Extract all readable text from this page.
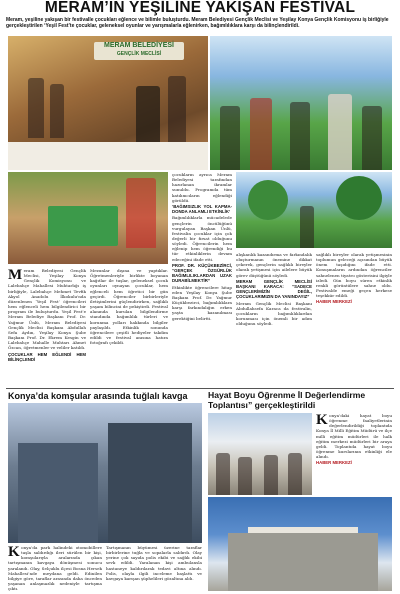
MERAM’IN YEŞİLİNE YAKIŞAN FESTİVAL
Meram, yeşiline yakışan bir festivalle çocukları eğlence ve bilimle buluşturdu. Meram Belediyesi Gençlik Meclisi ve Yeşilay Konya Gençlik Komisyonu iş birliğiyle gerçekleştirilen ‘Yeşil Fest’te çocuklar, geleneksel oyunlar ve yarışmalarla eğlenirken, bağımlılıklara karşı da bilinçlendirildi.
MERAM BELEDİYESİ
GENÇLİK MECLİSİ
M eram Belediyesi Gençlik Meclisi, Yeşilay Konya Gençlik Komisyonu ve Lalebahçe Mahallesi Muhtarlığı iş birliğiyle, Lalebahçe Mehmet Tevfik Akyol Anadolu İlkokulu'nda düzenlenen ‘Yeşil Fest’ öğrencileri hem eğlenceli hem bilgilendirici bir program ile buluşturdu. Yeşil Fest’e Meram Belediye Başkanı Prof. Dr. Yağmur Ünlü, Meram Belediyesi Gençlik Meclisi Başkanı Abdullah Sefa Aydın, Yeşilay Konya Şube Başkanı Prof. Dr. Ekrem Kesgin ve Lalebahçe Mahalle Muhtarı Ahmet Özcan, öğretmenler ve veliler katıldı.
ÇOCUKLAR HEM EĞLENDİ HEM BİLİNÇLENDİ
Mezunlar dışına ve yaptıklar. Öğretmenleriyle birlikte boyanan kağıtlar ile tuşlar, geleneksel çocuk oyunları oynayan çocuklar, hem eğlenceli hem öğretici bir gün geçirdi. Öğrenciler birbirleriyle iletişimlerini güçlendirirken, sağlıklı yaşam bilincini de pekiştirdi. Festival alanında kurulan bilgilendirme standında bağımlılık türleri ve korunma yolları hakkında bilgiler paylaşıldı. Etkinlik sonunda öğrencilere çeşitli hediyeler takdim edildi ve festival anısına hatıra fotoğrafı çekildi.
çocukların ayrıca Meram Belediyesi tarafından hazırlanan ikramlar sunuldu. Programda tüm katılımcıların eğlendiği görüldü.
‘BAĞIMSIZLIK YOL KAPMA-DONDA ANLAMLI ETKİNLİK’
Bağımlılıklarla mücadelede gençlerin öncülüğünü vurgulayan Başkan Ünlü, festivalin çocuklar için çok değerli bir fırsat olduğunu söyledi. Öğrencilerin hem eğlenip hem öğrendiği bu tür etkinliklerin devam edeceğini ifade etti.
PROF. DR. KÜÇÜKBEZİRCİ, “GERÇEK ÖZGÜRLÜK BAĞIMLILIKLARDAN UZAK DURABİLMEKTİR”
Etkinlikte öğrencilere hitap eden Yeşilay Konya Şube Başkanı Prof. Dr. Yağmur Küçükbezirci, bağımlılıklara karşı farkındalığın erken yaşta kazanılması gerektiğini belirtti.
alışkanlık kazandırma ve farkındalık oluşturmanın önemine dikkat çekerek, gençlerin sağlıklı bireyler olarak yetişmesi için ailelere büyük görev düştüğünü söyledi.
MERAM GENÇLİK MECLİSİ BAŞKANI KARACA: “SADECE GENÇLERİMİZİN DEĞİL, ÇOCUKLARIMIZIN DA YANINDAYIZ”
Meram Gençlik Meclisi Başkanı Abdullahsefa Karaca da festivalin, çocukların bağımlılıklardan korunması için önemli bir adım olduğunu söyledi.
sağlıklı bireyler olarak yetişmesinin toplumun geleceği açısından büyük önem taşıdığını ifade etti. Konuşmaların ardından öğrenciler sahnelenen tiyatro gösterisini ilgiyle izledi. Gün boyu süren etkinlik renkli görüntülere sahne oldu. Festivalde emeği geçen herkese teşekkür edildi.
HABER MERKEZİ
Konya’da komşular arasında tuğlalı kavga
K onya’da park halindeki otomobillere taşla saldırdığı ileri sürülen bir kişi, komşularıyla aralarında çıkan tartışmanın kavgaya dönüşmesi sonucu yaralandı. Olay, Selçuklu ilçesi Bosna Hersek Mahallesi’nde meydana geldi. Edinilen bilgiye göre, taraflar arasında daha önceden yaşanan anlaşmazlık nedeniyle tartışma çıktı.
Tartışmanın büyümesi üzerine taraflar birbirlerine tuğla ve sopalarla saldırdı. Olay yerine çok sayıda polis ekibi ve sağlık ekibi sevk edildi. Yaralanan kişi ambulansla hastaneye kaldırılarak tedavi altına alındı. Polis, olayla ilgili inceleme başlattı ve kavgaya karışan şüphelileri gözaltına aldı.
Hayat Boyu Öğrenme İl Değerlendirme Toplantısı” gerçekleştirildi
K onya’daki hayat boyu öğrenme faaliyetlerinin değerlendirildiği toplantıda Konya İl Milli Eğitim Müdürü ve ilçe milli eğitim müdürleri ile halk eğitim merkezi müdürleri bir araya geldi. Toplantıda hayat boyu öğrenme kurslarının etkinliği ele alındı.
HABER MERKEZİ
